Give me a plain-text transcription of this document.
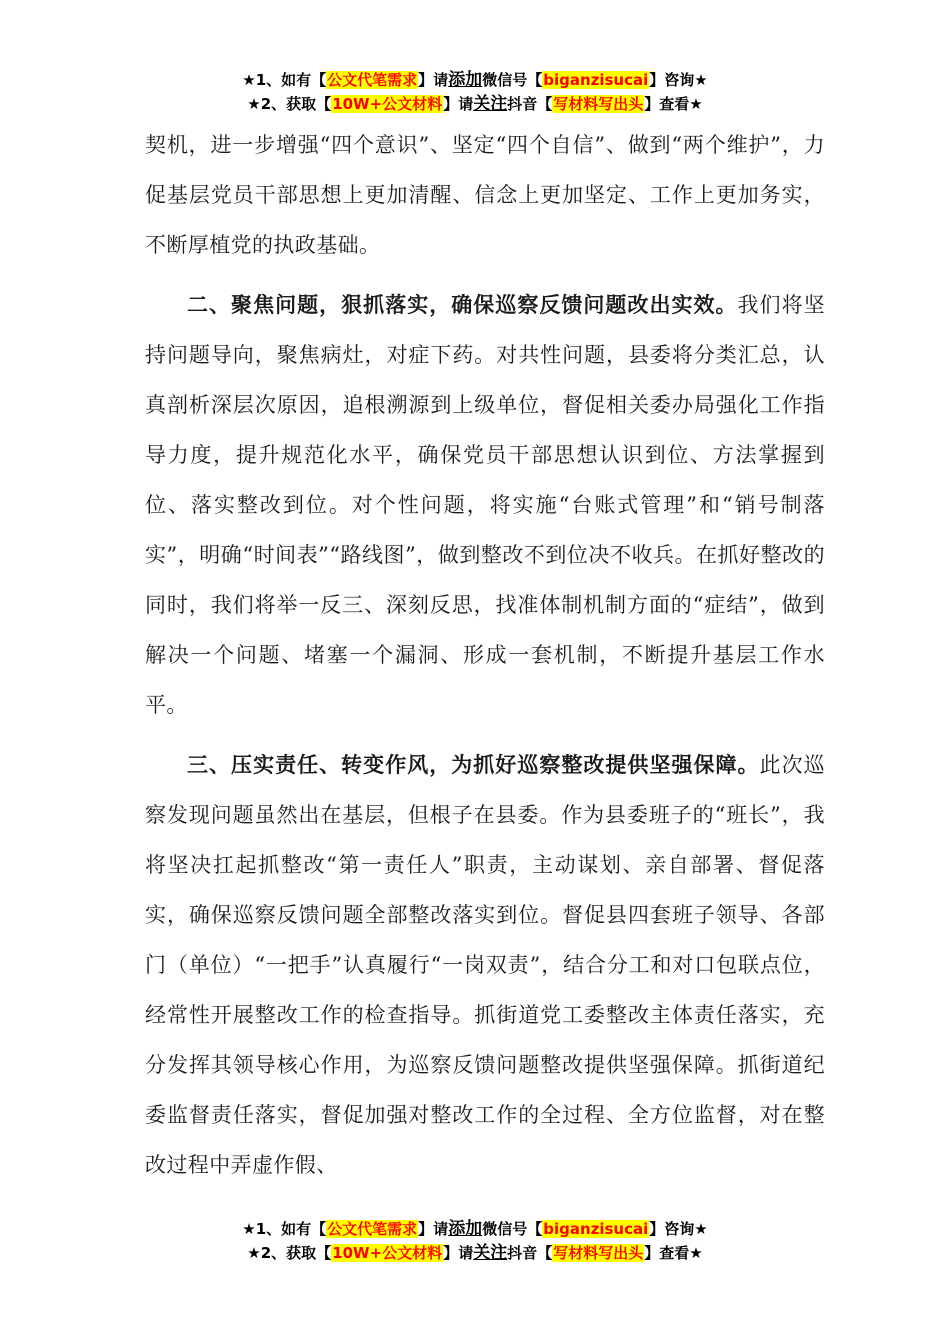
★1、如有【公文代笔需求】请添加微信号【biganzisucai】咨询★
★2、获取【10W+公文材料】请关注抖音【写材料写出头】查看★

契机，进一步增强“四个意识”、坚定“四个自信”、做到“两个维护”，力促基层党员干部思想上更加清醒、信念上更加坚定、工作上更加务实，不断厚植党的执政基础。

二、聚焦问题，狠抓落实，确保巡察反馈问题改出实效。我们将坚持问题导向，聚焦病灶，对症下药。对共性问题，县委将分类汇总，认真剖析深层次原因，追根溯源到上级单位，督促相关委办局强化工作指导力度，提升规范化水平，确保党员干部思想认识到位、方法掌握到位、落实整改到位。对个性问题，将实施“台账式管理”和“销号制落实”，明确“时间表”“路线图”，做到整改不到位决不收兵。在抓好整改的同时，我们将举一反三、深刻反思，找准体制机制方面的“症结”，做到解决一个问题、堵塞一个漏洞、形成一套机制，不断提升基层工作水平。

三、压实责任、转变作风，为抓好巡察整改提供坚强保障。此次巡察发现问题虽然出在基层，但根子在县委。作为县委班子的“班长”，我将坚决扛起抓整改“第一责任人”职责，主动谋划、亲自部署、督促落实，确保巡察反馈问题全部整改落实到位。督促县四套班子领导、各部门（单位）“一把手”认真履行“一岗双责”，结合分工和对口包联点位，经常性开展整改工作的检查指导。抓街道党工委整改主体责任落实，充分发挥其领导核心作用，为巡察反馈问题整改提供坚强保障。抓街道纪委监督责任落实，督促加强对整改工作的全过程、全方位监督，对在整改过程中弄虚作假、

★1、如有【公文代笔需求】请添加微信号【biganzisucai】咨询★
★2、获取【10W+公文材料】请关注抖音【写材料写出头】查看★
